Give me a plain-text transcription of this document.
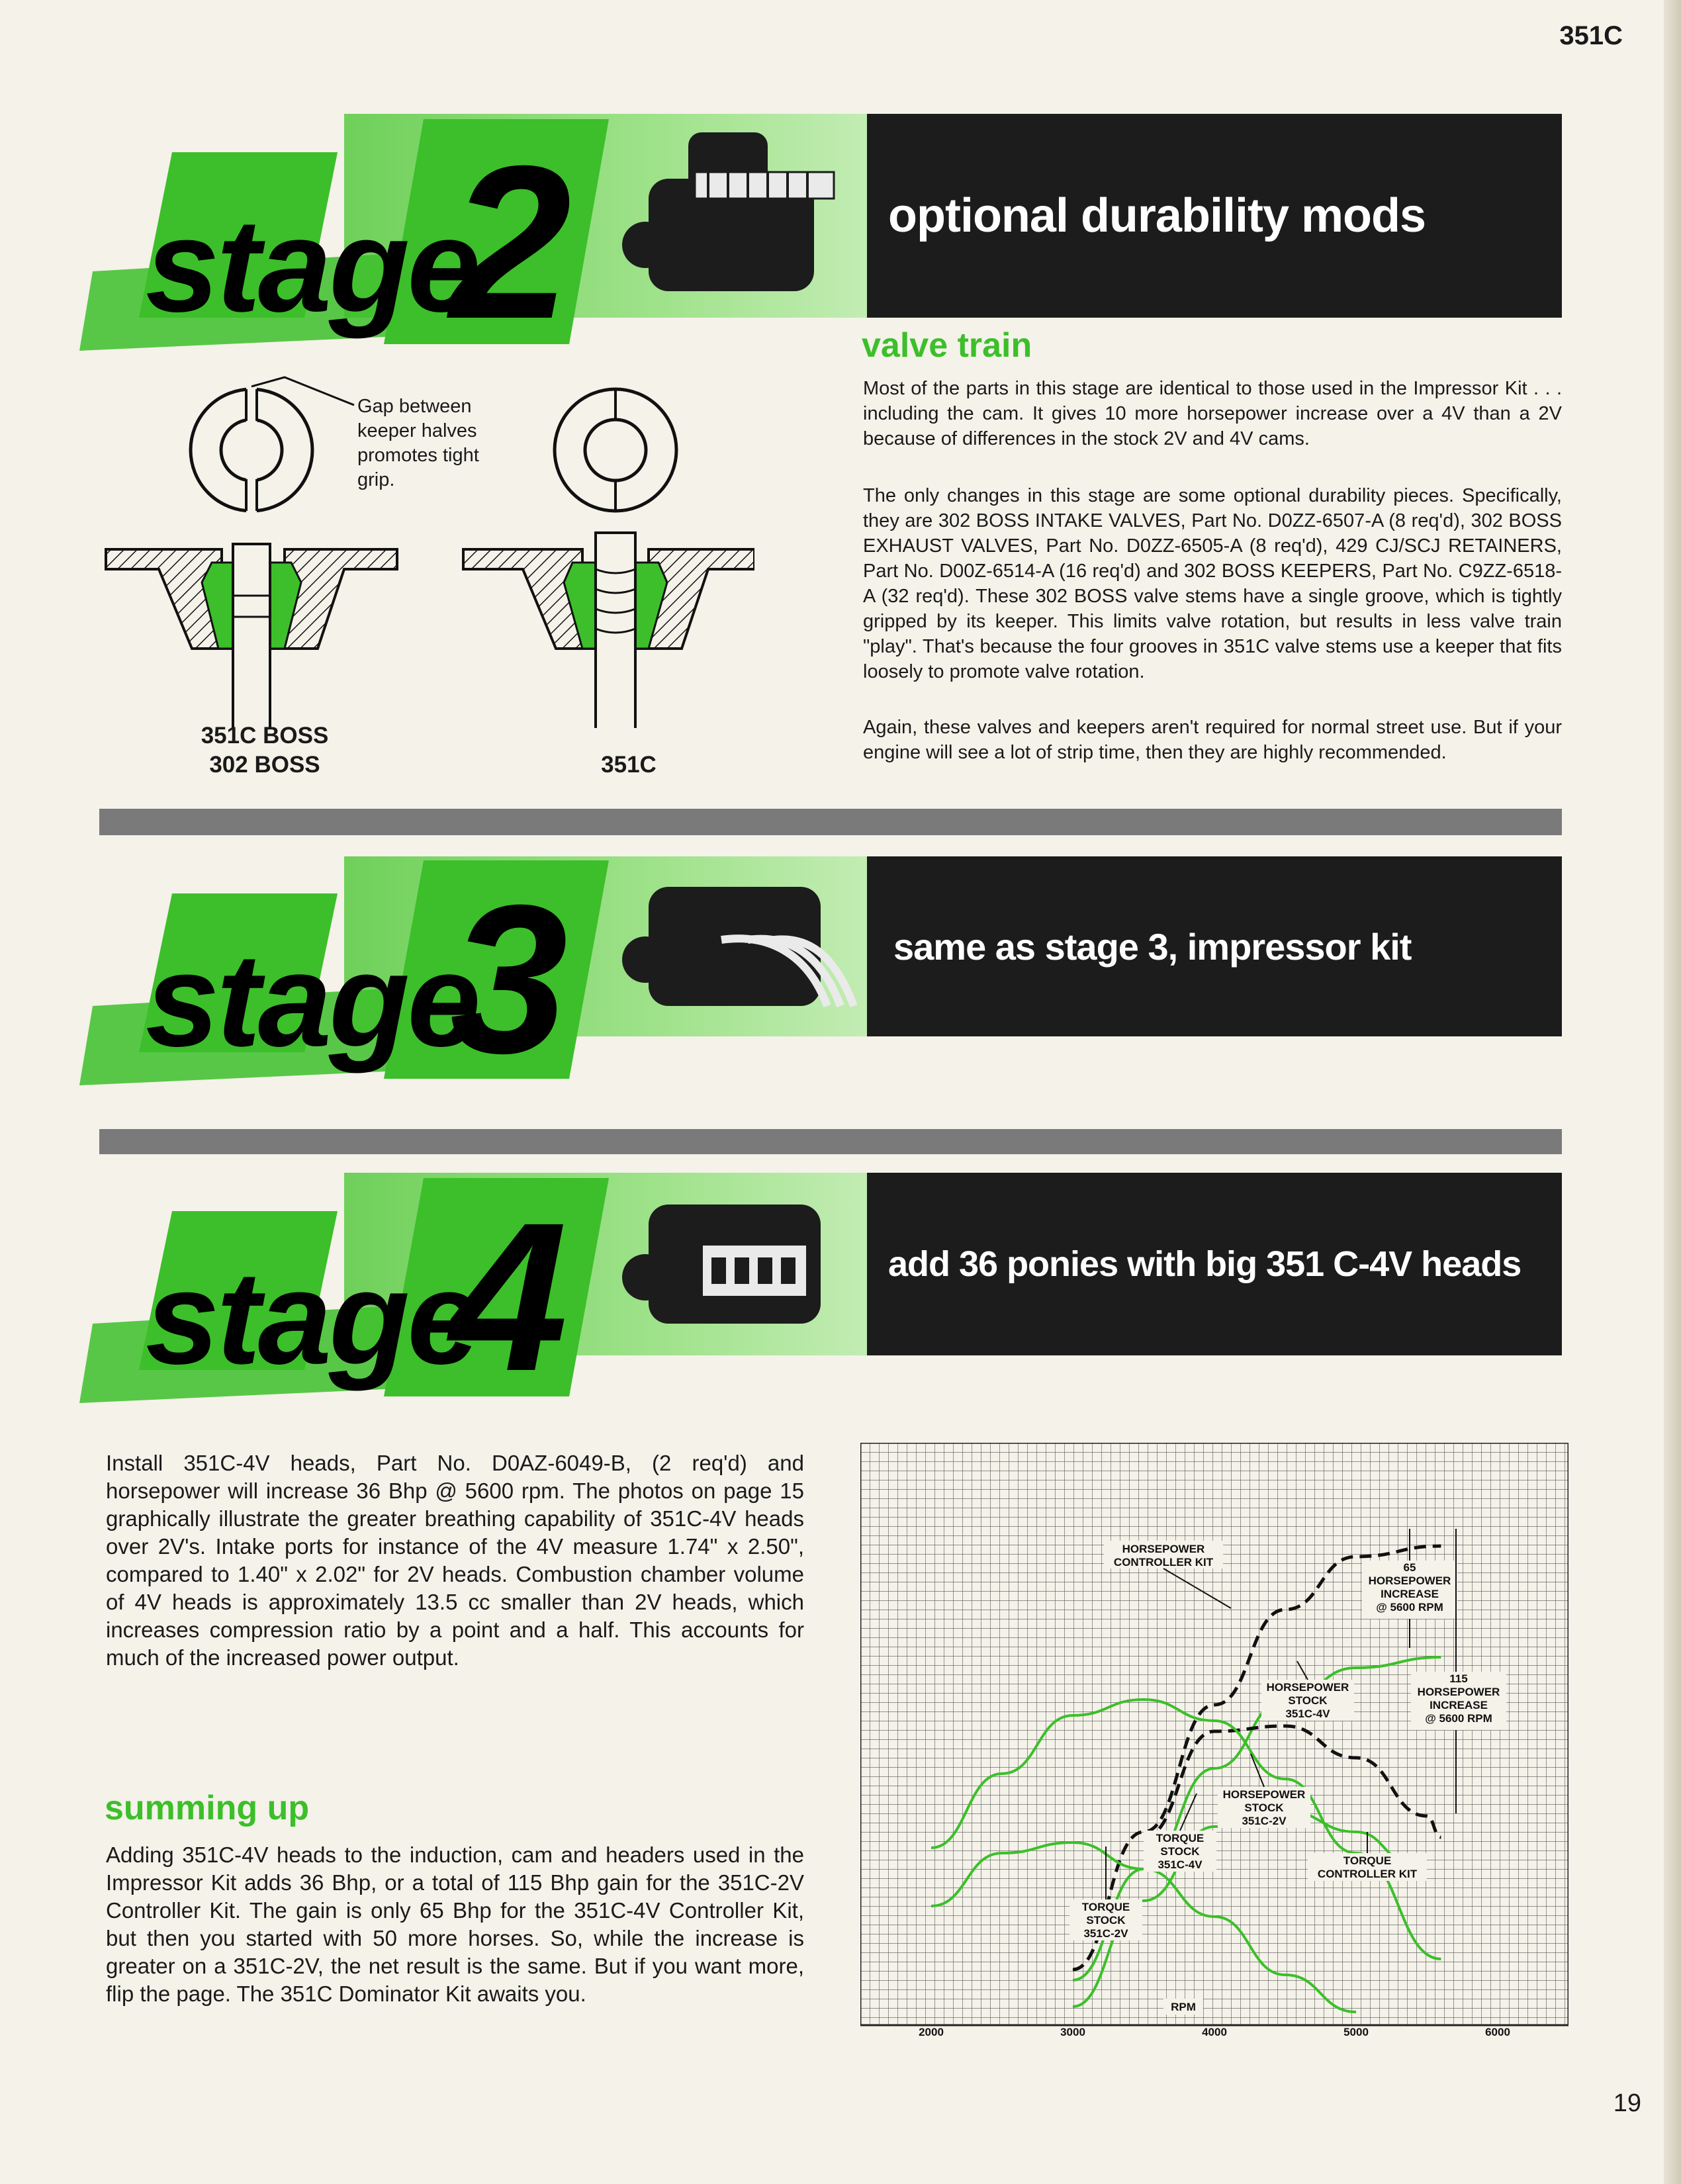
351C
optional durability mods
stage
2	valve train
Most of the parts in this stage are identical to those used in the Impressor Kit . . . including the cam. It gives 10 more horsepower increase over a 4V than a 2V because of differences in the stock 2V and 4V cams.
The only changes in this stage are some optional durability pieces. Specifically, they are 302 BOSS INTAKE VALVES, Part No. D0ZZ-6507-A (8 req'd), 302 BOSS EXHAUST VALVES, Part No. D0ZZ-6505-A (8 req'd), 429 CJ/SCJ RETAINERS, Part No. D00Z-6514-A (16 req'd) and 302 BOSS KEEPERS, Part No. C9ZZ-6518-A (32 req'd). These 302 BOSS valve stems have a single groove, which is tightly gripped by its keeper. This limits valve rotation, but results in less valve train "play". That's because the four grooves in 351C valve stems use a keeper that fits loosely to promote valve rotation.
Again, these valves and keepers aren't required for normal street use. But if your engine will see a lot of strip time, then they are highly recommended.
Gap between keeper halves promotes tight grip.
351C BOSS
302 BOSS	351C
same as stage 3, impressor kit
stage
3
add 36 ponies with big 351 C-4V heads
stage
4
Install 351C-4V heads, Part No. D0AZ-6049-B, (2 req'd) and horsepower will increase 36 Bhp @ 5600 rpm. The photos on page 15 graphically illustrate the greater breathing capability of 351C-4V heads over 2V's. Intake ports for instance of the 4V measure 1.74" x 2.50", compared to 1.40" x 2.02" for 2V heads. Combustion chamber volume of 4V heads is approximately 13.5 cc smaller than 2V heads, which increases compression ratio by a point and a half. This accounts for much of the increased power output.
summing up
Adding 351C-4V heads to the induction, cam and headers used in the Impressor Kit adds 36 Bhp, or a total of 115 Bhp gain for the 351C-2V Controller Kit. The gain is only 65 Bhp for the 351C-4V Controller Kit, but then you started with 50 more horses. So, while the increase is greater on a 351C-2V, the net result is the same. But if you want more, flip the page. The 351C Dominator Kit awaits you.
2000	3000	4000	5000	6000
HORSEPOWER
CONTROLLER KIT
HORSEPOWER
STOCK
351C-4V
HORSEPOWER
STOCK
351C-2V
TORQUE
STOCK
351C-4V	TORQUE
CONTROLLER KIT
TORQUE
STOCK
351C-2V
65
HORSEPOWER
INCREASE
@ 5600 RPM
115
HORSEPOWER
INCREASE
@ 5600 RPM
RPM
19
